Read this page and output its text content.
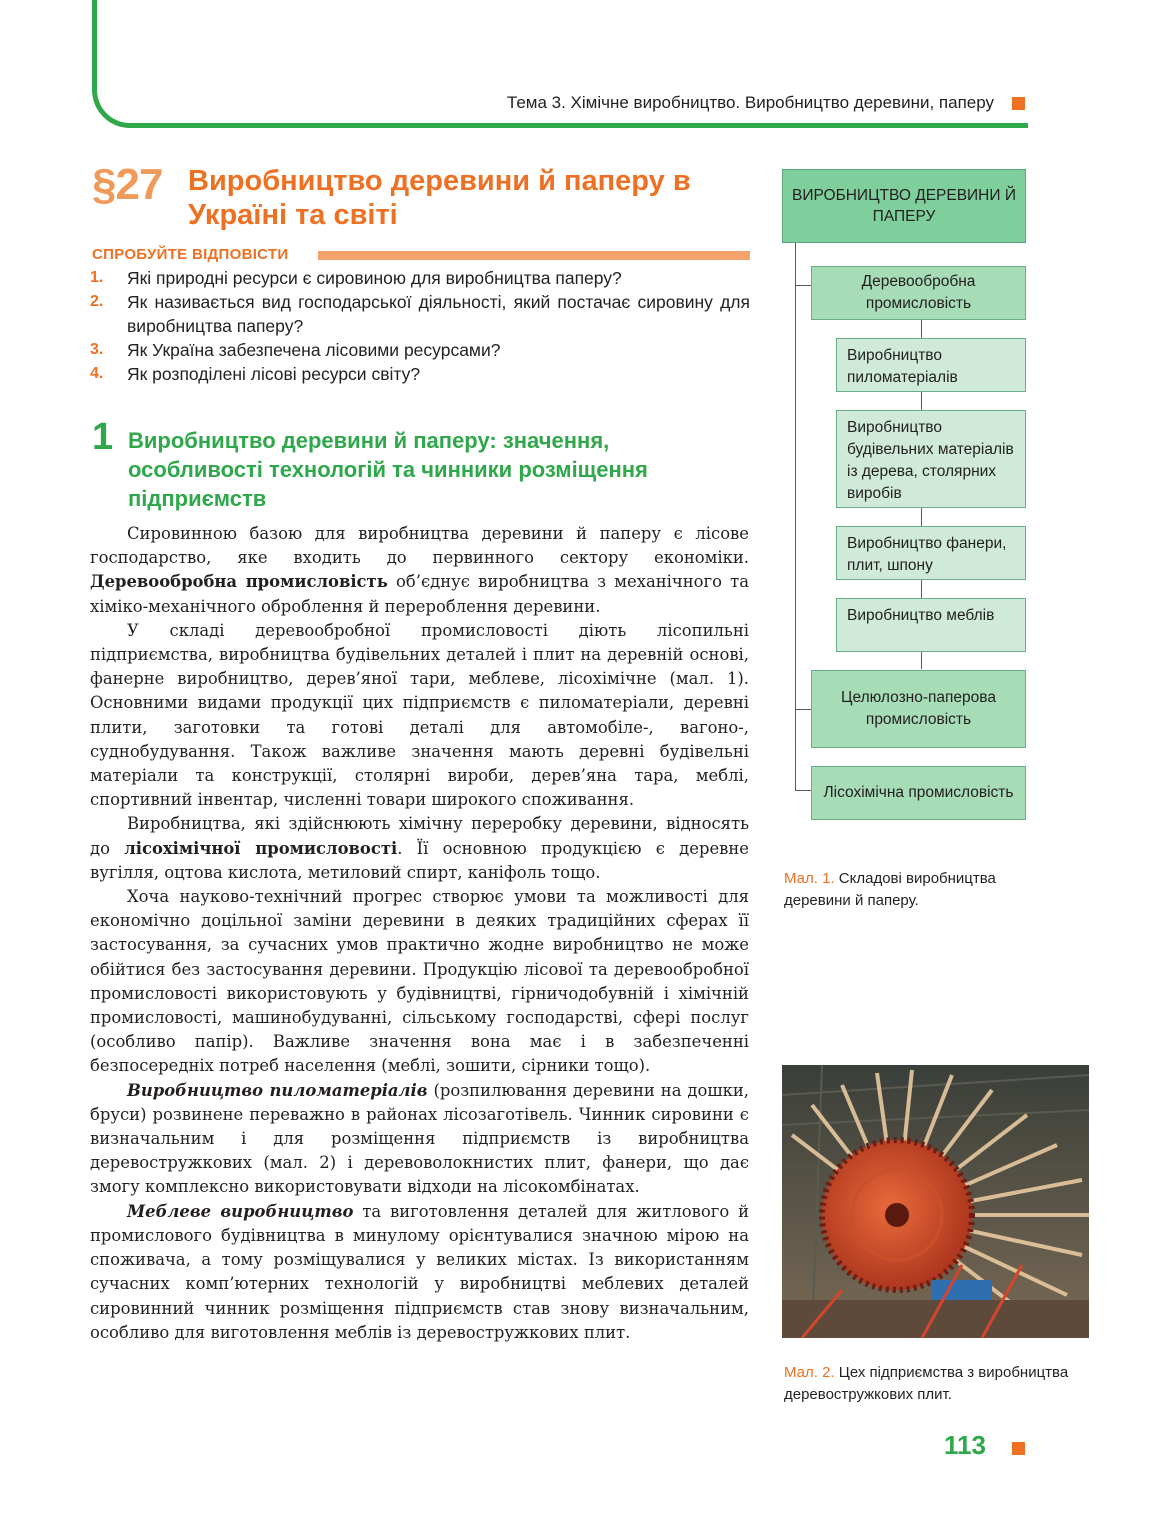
Тема 3. Хімічне виробництво. Виробництво деревини, паперу
§27 Виробництво деревини й паперу в Україні та світі
СПРОБУЙТЕ ВІДПОВІСТИ
1. Які природні ресурси є сировиною для виробництва паперу?
2. Як називається вид господарської діяльності, який постачає сировину для виробництва паперу?
3. Як Україна забезпечена лісовими ресурсами?
4. Як розподілені лісові ресурси світу?
1 Виробництво деревини й паперу: значення, особливості технологій та чинники розміщення підприємств

Сировинною базою для виробництва деревини й паперу є лісове господарство, яке входить до первинного сектору економіки. Деревообробна промисловість об’єднує виробництва з механічного та хіміко-механічного оброблення й перероблення деревини.

У складі деревообробної промисловості діють лісопильні підприємства, виробництва будівельних деталей і плит на деревній основі, фанерне виробництво, дерев’яної тари, меблеве, лісохімічне (мал. 1). Основними видами продукції цих підприємств є пиломатеріали, деревні плити, заготовки та готові деталі для автомобіле-, вагоно-, суднобудування. Також важливе значення мають деревні будівельні матеріали та конструкції, столярні вироби, дерев’яна тара, меблі, спортивний інвентар, численні товари широкого споживання.

Виробництва, які здійснюють хімічну переробку деревини, відносять до лісохімічної промисловості. Її основною продукцією є деревне вугілля, оцтова кислота, метиловий спирт, каніфоль тощо.

Хоча науково-технічний прогрес створює умови та можливості для економічно доцільної заміни деревини в деяких традиційних сферах її застосування, за сучасних умов практично жодне виробництво не може обійтися без застосування деревини. Продукцію лісової та деревообробної промисловості використовують у будівництві, гірничодобувній і хімічній промисловості, машинобудуванні, сільському господарстві, сфері послуг (особливо папір). Важливе значення вона має і в забезпеченні безпосередніх потреб населення (меблі, зошити, сірники тощо).

Виробництво пиломатеріалів (розпилювання деревини на дошки, бруси) розвинене переважно в районах лісозаготівель. Чинник сировини є визначальним і для розміщення підприємств із виробництва деревостружкових (мал. 2) і деревоволокнистих плит, фанери, що дає змогу комплексно використовувати відходи на лісокомбінатах.

Меблеве виробництво та виготовлення деталей для житлового й промислового будівництва в минулому орієнтувалися значною мірою на споживача, а тому розміщувалися у великих містах. Із використанням сучасних комп’ютерних технологій у виробництві меблевих деталей сировинний чинник розміщення підприємств став знову визначальним, особливо для виготовлення меблів із деревостружкових плит.

ВИРОБНИЦТВО ДЕРЕВИНИ Й ПАПЕРУ
Деревообробна промисловість
Виробництво пиломатеріалів
Виробництво будівельних матеріалів із дерева, столярних виробів
Виробництво фанери, плит, шпону
Виробництво меблів
Целюлозно-паперова промисловість
Лісохімічна промисловість
Мал. 1. Складові виробництва деревини й паперу.
Мал. 2. Цех підприємства з виробництва деревостружкових плит.
113
